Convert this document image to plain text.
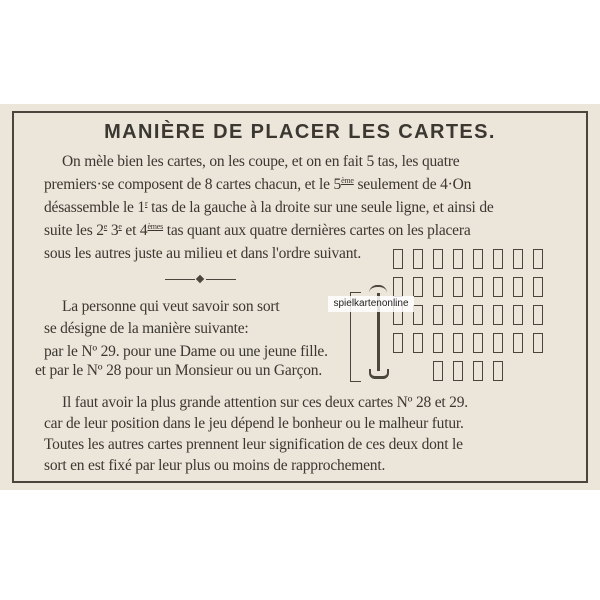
MANIÈRE DE PLACER LES CARTES.
On mèle bien les cartes, on les coupe, et on en fait 5 tas, les quatre
premiers·se composent de 8 cartes chacun, et le 5ème seulement de 4·On
désassemble le 1$^r$ tas de la gauche à la droite sur une seule ligne, et ainsi de
suite les 2e 3e et 4èmes tas quant aux quatre dernières cartes on les placera
sous les autres juste au milieu et dans l'ordre suivant.
La personne qui veut savoir son sort
se désigne de la manière suivante:
par le Nº 29. pour une Dame ou une jeune fille.
et par le Nº 28 pour un Monsieur ou un Garçon.
spielkartenonline
Il faut avoir la plus grande attention sur ces deux cartes Nº 28 et 29.
car de leur position dans le jeu dépend le bonheur ou le malheur futur.
Toutes les autres cartes prennent leur signification de ces deux dont le
sort en est fixé par leur plus ou moins de rapprochement.
